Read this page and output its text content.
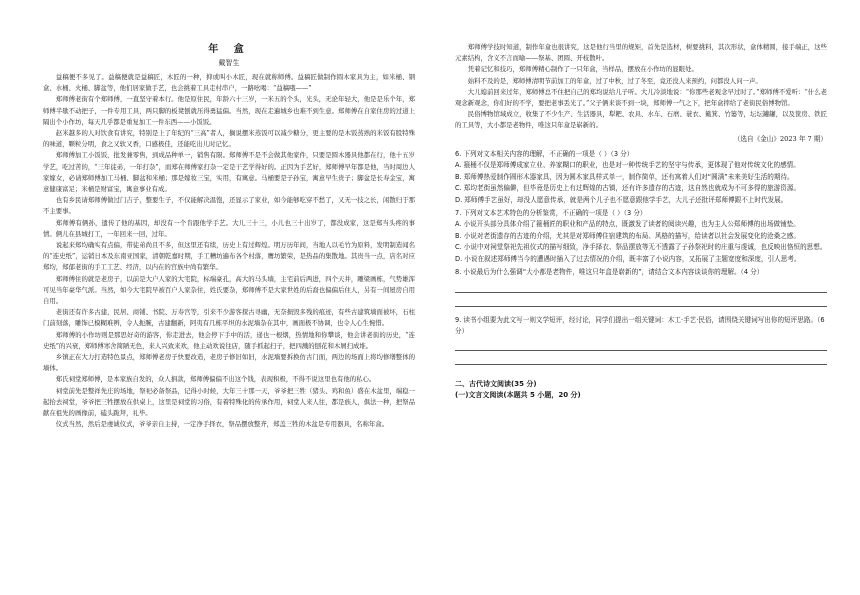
年 盒
戴智生

益稿便不多见了。益稿便就是益稿匠，木匠的一种，抑或叫小木匠，现在就称师傅。益稿匠做制作圆木家具为主，如米桶、钢盒、水桶、火桶、脚盆等，他们居家做手艺，也会挑着工具走村串户，一路吆喝：“益稿哦——”

郑师傅老街有个郑师傅，一直坚守着本行。他是原住民，年龄六十三岁，一米五的个头，光头，无论年轻大，他是是乐个年，郑师傅半歇不动把子，一件专用工具，两只脚的板凳刨就压得勇猛偏。当然，现在走遍城乡也难不到生意。郑师傅在自家住房的过道上隔出个小作坊，每天几乎都是重复加工一件东西——小饭饭。

赵米越多的人对饮食有讲究，特别是上了年纪的“三高”者人，搁说摆米蒸饭可以减少糖分，更主要的是木饭蒸熟的米饭有股特殊的味道，颗粒分明，食之又软又香，口感极佳，还能吃出儿时记忆。

郑师傅加工小饭饭，批发兼零售，到成品种单一，销售有限。郑师傅不是不会做其他家件，只要是圆木器具他都在行，他十五岁学艺，吃过苦的，“三年徒弟，一年打杂”，而郑在师傅家打杂一定是干艺学得好的。正因为手艺好，郑师傅早年都是他，当时周边人家嫁女，必请郑师傅加工马桶、脚盆和米桶；那是嫁妆三宝，实用，有寓意。马桶要是子孙宝，寓意早生贵子；脚盆是长寿金宝，寓意健康富足；米桶是财富宝，寓意事业有成。

也有乡民请郑师傅做过门吉子，整要生子，不仅能解决温饱，还显示了家业，如今能够吃穿不愁了，又无一技之长，闲散归于那不主要事。

郑师傅有俩孙，遗传了他的基因，却没有一个肯跟他学手艺。大儿三十三，小儿也三十出岁了，都没成家，这是郑当头疼的事情。俩儿在县城打工，一年回来一回，过年。

说起来郑均确实有点偏，带徒弟尚且不多，但这里还有续，历史上有过辉煌。明万历年间，当地人以毛竹为原料，发明制造闻名的“连史纸”，运销日本及东南亚国家，清朝乾嘉时期，手工糟坊遍布各个村落，鹰坊繁荣，是热品的集散地。其贵当一点，店名对应郑均，郑郁老街的手工工艺、经济，以内在的宫族中尚有繁华。

郑师傅住的就是老房子，以前是大户人家的大宅院，标端豪孔，高大的马头墙，主宅前后两进，四个天井，雕梁画栋，气势雄浑可见当年豪华气派。当然，如今大宅院早被百户人家杂住，姓氏要杂，郑师傅不是大家世姓的后裔也偏偏后住人，另有一间屋房自用自用。

老街还有许多古建，民居、商铺、书院、万寿宫等，引来不少游客探古寻幽，无奈损毁多残的痕迹，有些古建筑墙面被坏，石柱门前刻落，雕饰已模糊难辨，令人扼腕，古建翻新，阿夷有几栋平坦的水泥墙杂在其中，画面极不协调，也令人心生惋惜。

郑师傅的小作坊则是那思好奇的游客，你走进去，他会停下手中的活，递也一根烟，热情地和你攀谈，他会讲老街的历史，“连史纸”的兴衰，郑师傅寒舍简陋无色，来人兴致来欢，他主动欢说往店，随手抓起扫子，把四溅的刨花和木屑扫成堆。

乡镇正在大力打造特色景点，郑师傅老房子快要改造，老房子修旧如旧，水泥墙要拆换仿古门面，两边的场面上将均修缮整体的墙体。

郑氏祠堂郑师傅，是本家族自发的，众人捐款，郑师傅偏偏不出这个钱，表现积极，不得不说这里也有他的私心。

祠堂前先是整祥先庄的场地，祭祀必备祭品，记得小时候，大年三十那一天，爷爷把三牲（猪头、鸡和鱼）盛在木盆里，端稳一起抬去祠堂，爷爷把三牲摆放在供桌上，这里是祠堂的习俗，有着特殊化的传承作用，祠堂人来人往，都是族人，俱法一种，把祭品献在祖先的画像前，磕头跪拜，礼毕。

仪式当然，然后是虔诚仪式，爷爷亲自主持，一定净手择衣，祭品摆放整齐，郑盖三牲的木盆是专用器具，名称年盒。

郑师傅学技时知道，制作年盒也很讲究，这是他行当里的规矩，首先是选材，树要挑料，其次形状，盒体精圆，接手端正，这些元素结构，含义不言而喻——祭基、团圆、开枝散叶。

凭着记忆和技巧，郑师傅精心制作了一只年盒，当样品，摆放在小作坊的显眼处。

始料不及的是，郑师傅清明节前加工的年盒，过了中秋，过了冬至，竟还没人来预约，问都没人问一声。

大儿媳前回来过年，郑师傅总不住把自己的郑均说给儿子听。大儿冷淡地说：“你那些老观念早过时了。”郑师傅不爱听：“什么老观念新观念，你们好的不学，要把老事丢光了。”父子俩来谈不到一块，郑师傅一气之下，把年盒摔给了老街民俗博物馆。

民俗博物馆域成立，收集了不少生产、生活器具，犁耙、农具、水车、石磨、蓑衣、簸箕、竹篓等，坛坛罐罐，以及筐房、铁匠的工具等，大小都是老物件，唯这只年盒是崭新的。

（选自《金山》2023 年 7 期）

6. 下列对文本相关内容的理解，不正确的一项是（ ）（3 分）

A. 箍桶不仅是郑师傅成家立业、养家糊口的职业，也是对一种传统手艺的坚守与传承，更体现了他对传统文化的感情。

B. 郑师傅热爱制作圆形木器家具，因为圆木家具样式单一，制作简单，还有寓着人们对“圆满”未来美好生活的期待。

C. 郑均老街虽然偏僻，但毕竟是历史上有过辉煌的古镇，还有许多遗存的古迹，这自然也就成为不可多得的旅游资源。

D. 郑师傅手艺虽好，却没人愿意传承，就是两个儿子也不愿意跟他学手艺，大儿子还批评郑师傅跟不上时代发展。

7. 下列对文本艺术特色的分析鉴赏，不正确的一项是（ ）（3 分）

A. 小说开头部分具体介绍了箍桶匠的职业和产品的特点，既激发了读者的阅读兴趣，也为主人公郑师傅的出场做铺垫。

B. 小说对老街遗存的古迹的介绍，尤其是对郑师傅住宿建筑的布局、风格的描写，给读者以社会发展变化的沧桑之感。

C. 小说中对祠堂祭祀先祖仪式的描写细致，净手择衣、祭品摆放等无不透露了子孙祭祀时的庄重与虔诚，也反映出恪恒的思想。

D. 小说在叙述郑师傅当今的遭遇时插入了过去情况的介绍，既丰富了小说内容，又拓展了主题宽度和深度，引人思考。

8. 小说最后为什么强调“大小都是老物件，唯这只年盒是崭新的”，请结合文本内容谈谈你的理解。（4 分）

9. 读书小组要为此文写一则文学短评，经讨论，同学们提出一组关键词：木工·手艺·民俗，请围绕关键词写出你的短评思路。（6 分）

二、古代诗文阅读(35 分)

(一)文言文阅读(本题共 5 小题，20 分)
